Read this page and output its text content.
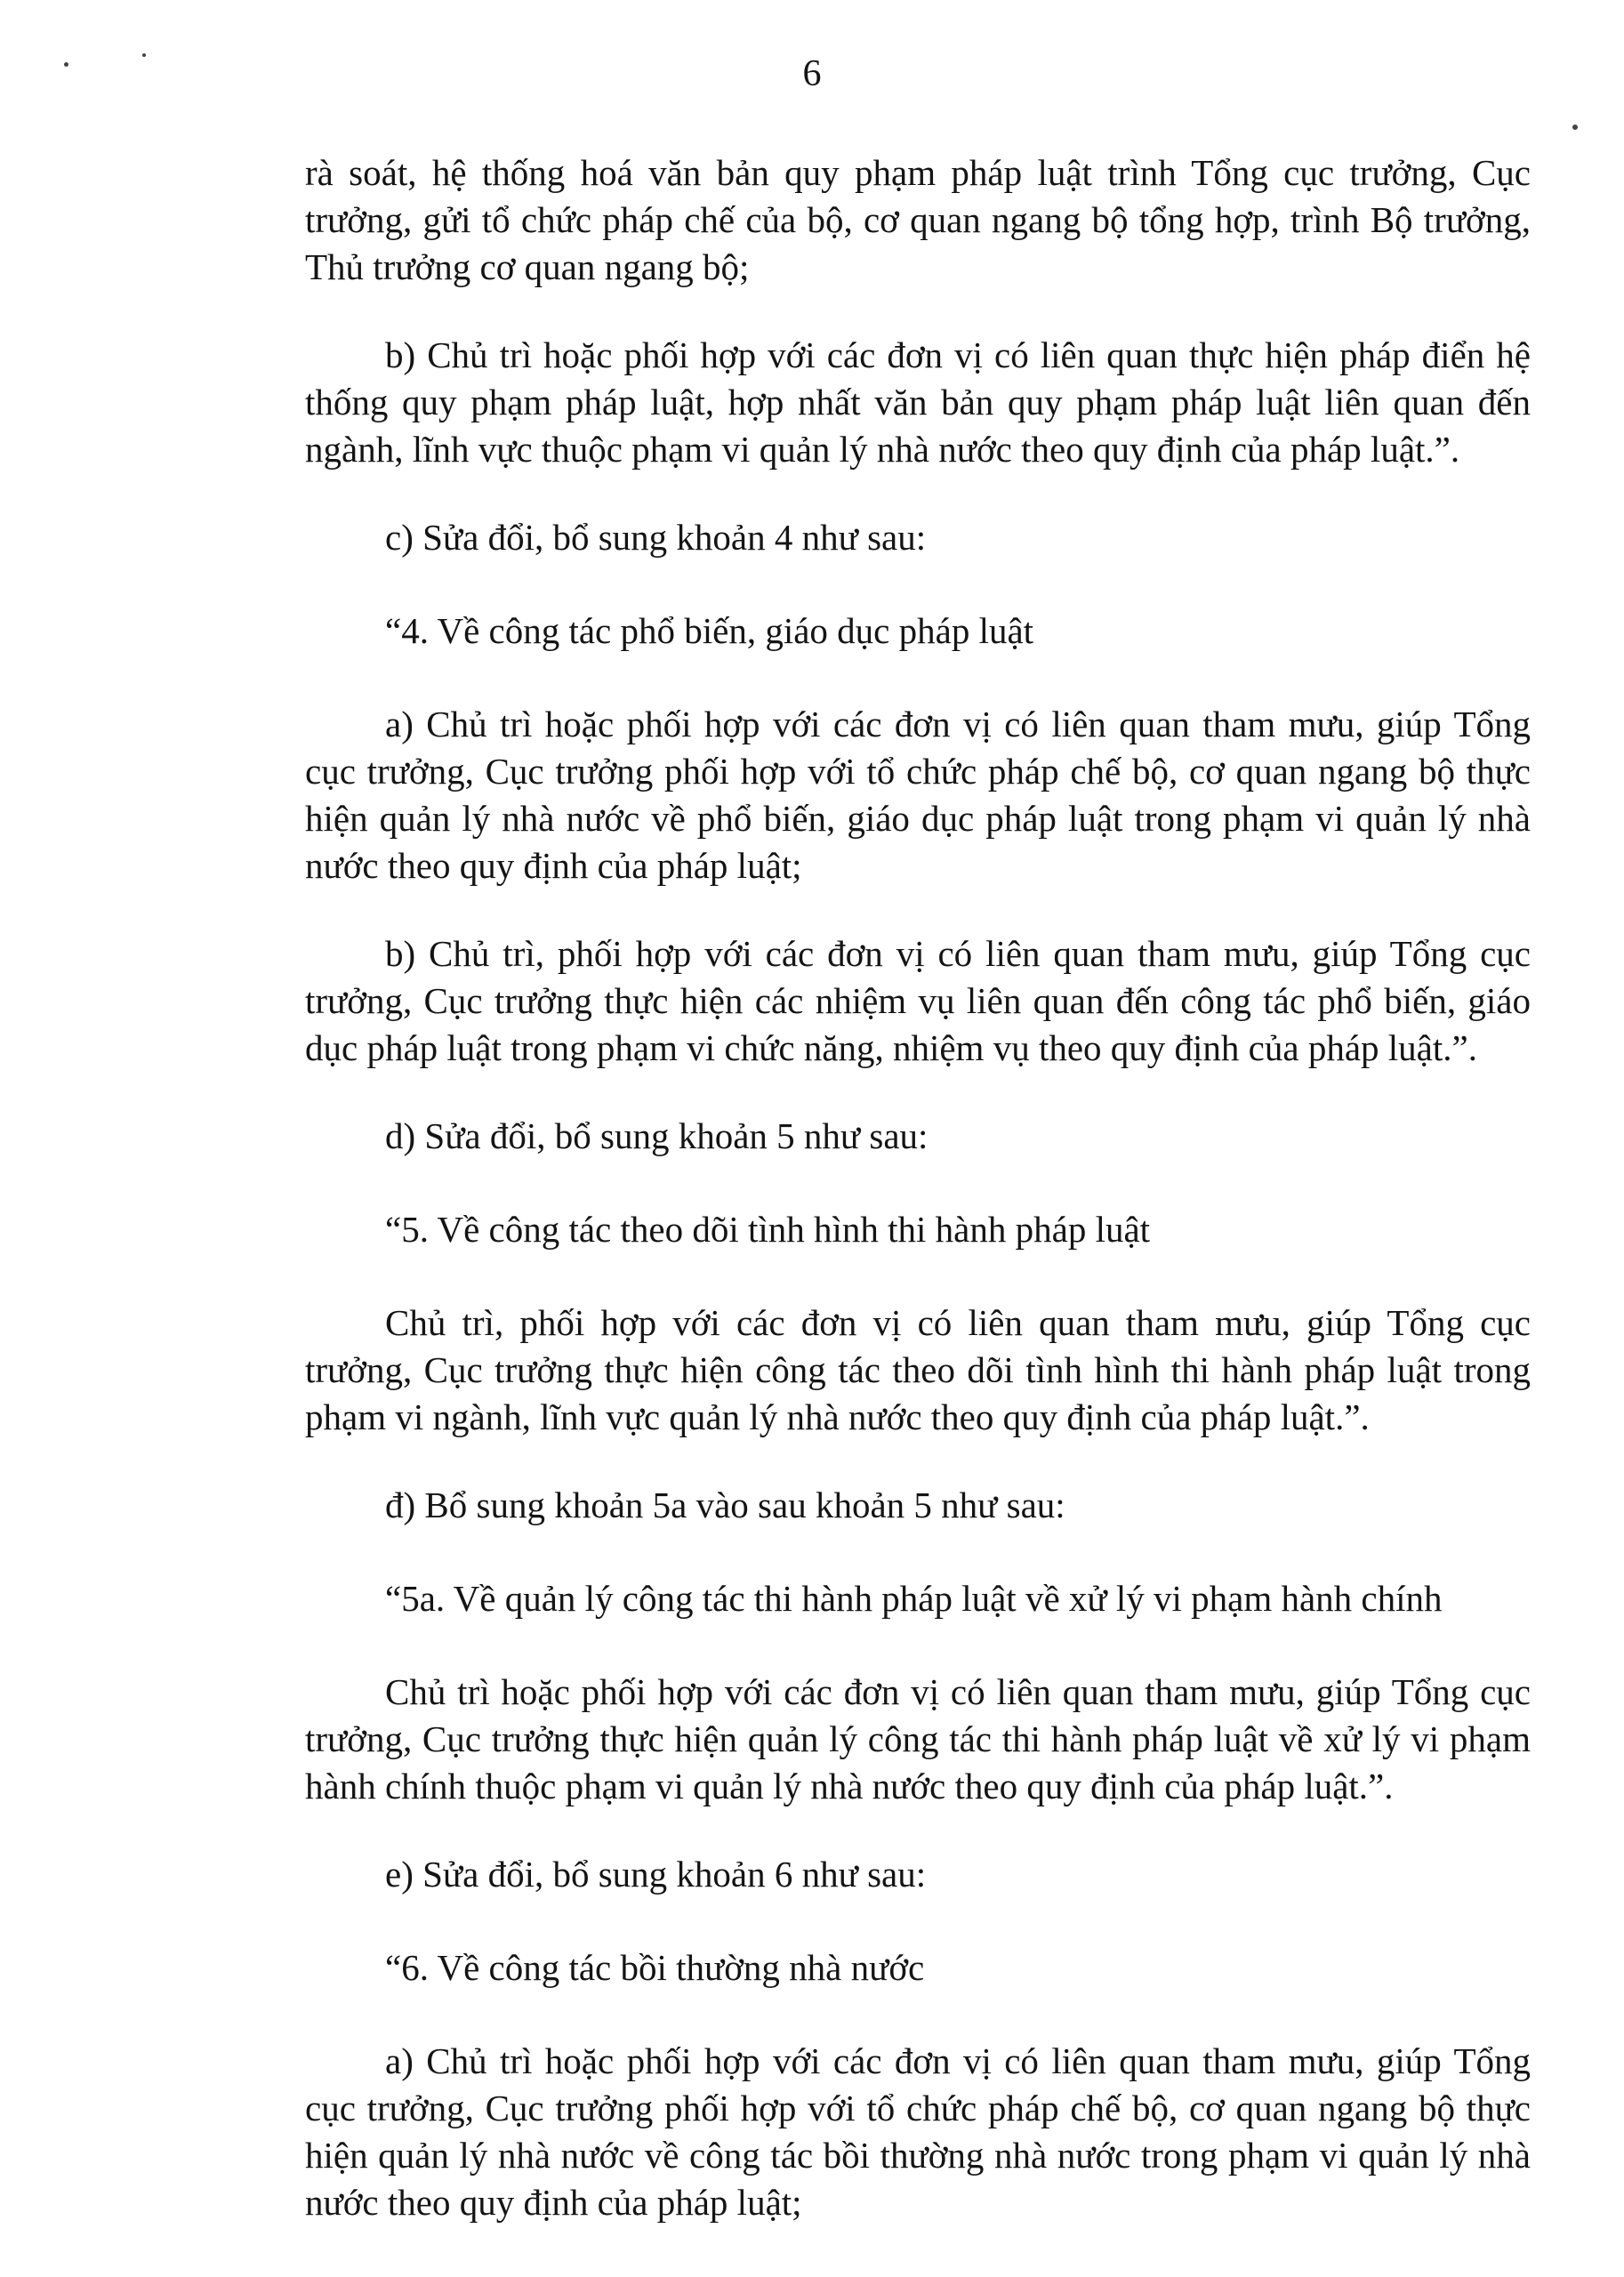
6

rà soát, hệ thống hoá văn bản quy phạm pháp luật trình Tổng cục trưởng, Cục trưởng, gửi tổ chức pháp chế của bộ, cơ quan ngang bộ tổng hợp, trình Bộ trưởng, Thủ trưởng cơ quan ngang bộ;

b) Chủ trì hoặc phối hợp với các đơn vị có liên quan thực hiện pháp điển hệ thống quy phạm pháp luật, hợp nhất văn bản quy phạm pháp luật liên quan đến ngành, lĩnh vực thuộc phạm vi quản lý nhà nước theo quy định của pháp luật.”.

c) Sửa đổi, bổ sung khoản 4 như sau:

“4. Về công tác phổ biến, giáo dục pháp luật

a) Chủ trì hoặc phối hợp với các đơn vị có liên quan tham mưu, giúp Tổng cục trưởng, Cục trưởng phối hợp với tổ chức pháp chế bộ, cơ quan ngang bộ thực hiện quản lý nhà nước về phổ biến, giáo dục pháp luật trong phạm vi quản lý nhà nước theo quy định của pháp luật;

b) Chủ trì, phối hợp với các đơn vị có liên quan tham mưu, giúp Tổng cục trưởng, Cục trưởng thực hiện các nhiệm vụ liên quan đến công tác phổ biến, giáo dục pháp luật trong phạm vi chức năng, nhiệm vụ theo quy định của pháp luật.”.

d) Sửa đổi, bổ sung khoản 5 như sau:

“5. Về công tác theo dõi tình hình thi hành pháp luật

Chủ trì, phối hợp với các đơn vị có liên quan tham mưu, giúp Tổng cục trưởng, Cục trưởng thực hiện công tác theo dõi tình hình thi hành pháp luật trong phạm vi ngành, lĩnh vực quản lý nhà nước theo quy định của pháp luật.”.

đ) Bổ sung khoản 5a vào sau khoản 5 như sau:

“5a. Về quản lý công tác thi hành pháp luật về xử lý vi phạm hành chính

Chủ trì hoặc phối hợp với các đơn vị có liên quan tham mưu, giúp Tổng cục trưởng, Cục trưởng thực hiện quản lý công tác thi hành pháp luật về xử lý vi phạm hành chính thuộc phạm vi quản lý nhà nước theo quy định của pháp luật.”.

e) Sửa đổi, bổ sung khoản 6 như sau:

“6. Về công tác bồi thường nhà nước

a) Chủ trì hoặc phối hợp với các đơn vị có liên quan tham mưu, giúp Tổng cục trưởng, Cục trưởng phối hợp với tổ chức pháp chế bộ, cơ quan ngang bộ thực hiện quản lý nhà nước về công tác bồi thường nhà nước trong phạm vi quản lý nhà nước theo quy định của pháp luật;
